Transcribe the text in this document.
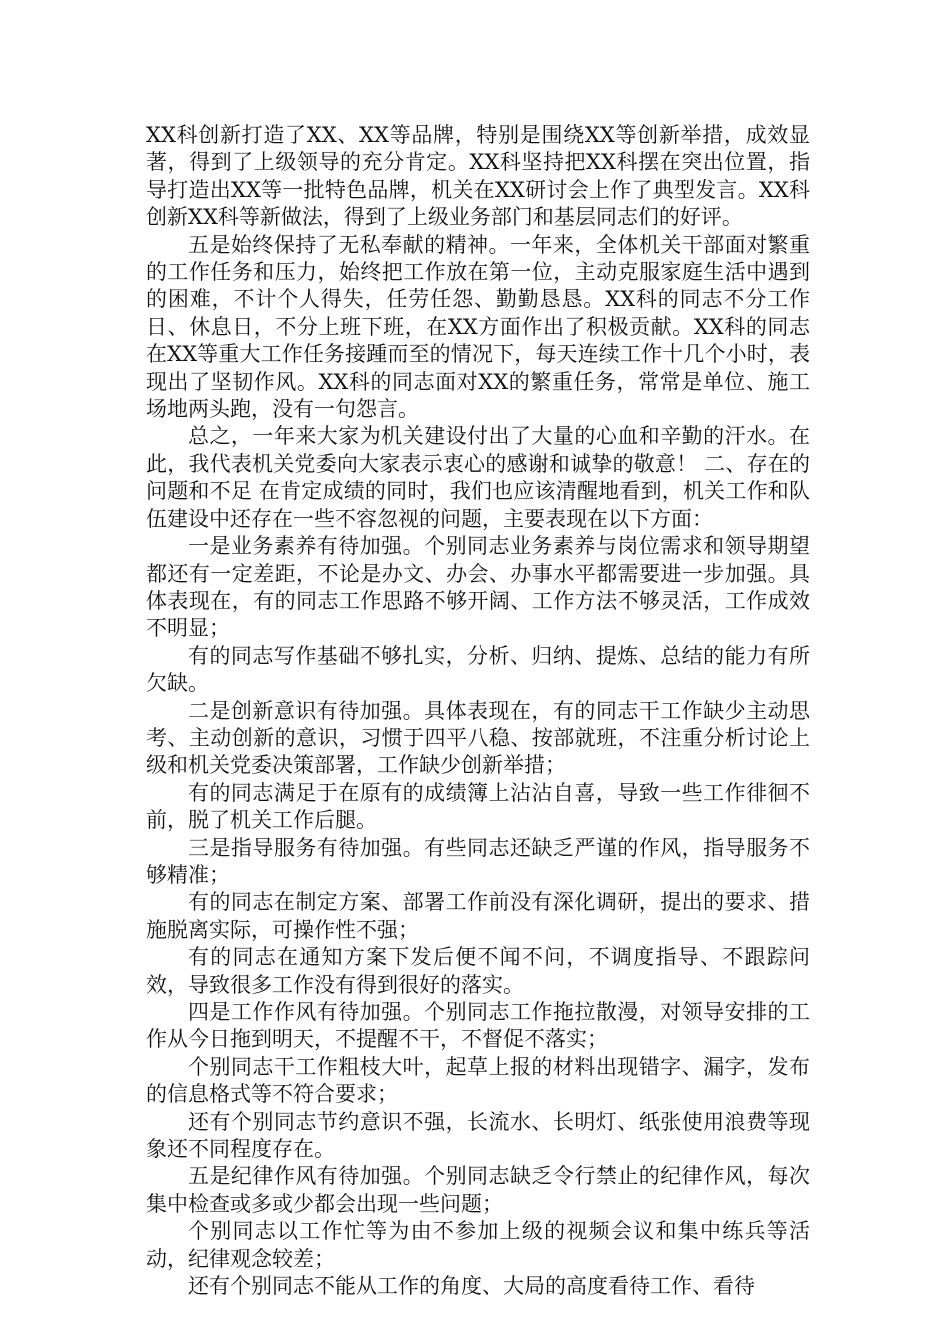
XX科创新打造了XX、XX等品牌，特别是围绕XX等创新举措，成效显著，得到了上级领导的充分肯定。XX科坚持把XX科摆在突出位置，指导打造出XX等一批特色品牌，机关在XX研讨会上作了典型发言。XX科创新XX科等新做法，得到了上级业务部门和基层同志们的好评。

五是始终保持了无私奉献的精神。一年来，全体机关干部面对繁重的工作任务和压力，始终把工作放在第一位，主动克服家庭生活中遇到的困难，不计个人得失，任劳任怨、勤勤恳恳。XX科的同志不分工作日、休息日，不分上班下班，在XX方面作出了积极贡献。XX科的同志在XX等重大工作任务接踵而至的情况下，每天连续工作十几个小时，表现出了坚韧作风。XX科的同志面对XX的繁重任务，常常是单位、施工场地两头跑，没有一句怨言。

总之，一年来大家为机关建设付出了大量的心血和辛勤的汗水。在此，我代表机关党委向大家表示衷心的感谢和诚挚的敬意！ 二、存在的问题和不足 在肯定成绩的同时，我们也应该清醒地看到，机关工作和队伍建设中还存在一些不容忽视的问题，主要表现在以下方面：

一是业务素养有待加强。个别同志业务素养与岗位需求和领导期望都还有一定差距，不论是办文、办会、办事水平都需要进一步加强。具体表现在，有的同志工作思路不够开阔、工作方法不够灵活，工作成效不明显；

有的同志写作基础不够扎实，分析、归纳、提炼、总结的能力有所欠缺。

二是创新意识有待加强。具体表现在，有的同志干工作缺少主动思考、主动创新的意识，习惯于四平八稳、按部就班，不注重分析讨论上级和机关党委决策部署，工作缺少创新举措；

有的同志满足于在原有的成绩簿上沾沾自喜，导致一些工作徘徊不前，脱了机关工作后腿。

三是指导服务有待加强。有些同志还缺乏严谨的作风，指导服务不够精准；

有的同志在制定方案、部署工作前没有深化调研，提出的要求、措施脱离实际，可操作性不强；

有的同志在通知方案下发后便不闻不问，不调度指导、不跟踪问效，导致很多工作没有得到很好的落实。

四是工作作风有待加强。个别同志工作拖拉散漫，对领导安排的工作从今日拖到明天，不提醒不干，不督促不落实；

个别同志干工作粗枝大叶，起草上报的材料出现错字、漏字，发布的信息格式等不符合要求；

还有个别同志节约意识不强，长流水、长明灯、纸张使用浪费等现象还不同程度存在。

五是纪律作风有待加强。个别同志缺乏令行禁止的纪律作风，每次集中检查或多或少都会出现一些问题；

个别同志以工作忙等为由不参加上级的视频会议和集中练兵等活动，纪律观念较差；

还有个别同志不能从工作的角度、大局的高度看待工作、看待
